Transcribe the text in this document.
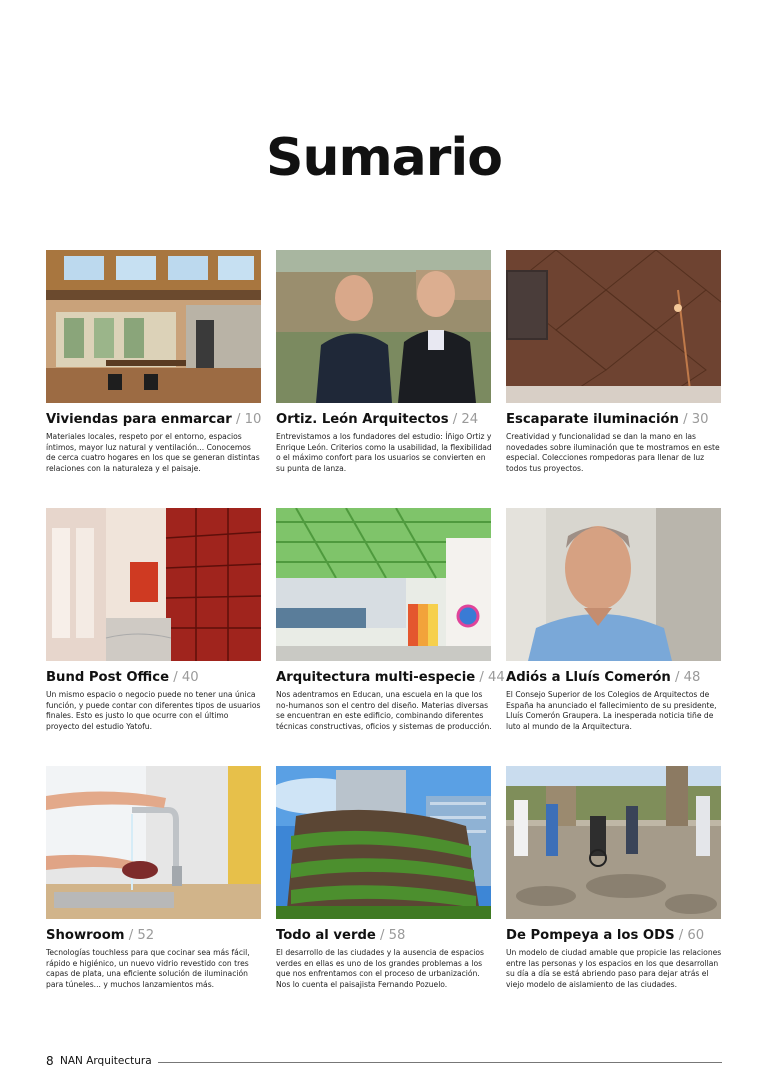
Sumario
Viviendas para enmarcar / 10
Materiales locales, respeto por el entorno, espacios íntimos, mayor luz natural y ventilación... Conocemos de cerca cuatro hogares en los que se generan distintas relaciones con la naturaleza y el paisaje.
Ortiz. León Arquitectos / 24
Entrevistamos a los fundadores del estudio: Íñigo Ortiz y Enrique León. Criterios como la usabilidad, la flexibilidad o el máximo confort para los usuarios se convierten en su punta de lanza.
Escaparate iluminación / 30
Creatividad y funcionalidad se dan la mano en las novedades sobre iluminación que te mostramos en este especial. Colecciones rompedoras para llenar de luz todos tus proyectos.
Bund Post Office / 40
Un mismo espacio o negocio puede no tener una única función, y puede contar con diferentes tipos de usuarios finales. Esto es justo lo que ocurre con el último proyecto del estudio Yatofu.
Arquitectura multi-especie / 44
Nos adentramos en Educan, una escuela en la que los no-humanos son el centro del diseño. Materias diversas se encuentran en este edificio, combinando diferentes técnicas constructivas, oficios y sistemas de producción.
Adiós a Lluís Comerón / 48
El Consejo Superior de los Colegios de Arquitectos de España ha anunciado el fallecimiento de su presidente, Lluís Comerón Graupera. La inesperada noticia tiñe de luto al mundo de la Arquitectura.
Showroom / 52
Tecnologías touchless para que cocinar sea más fácil, rápido e higiénico, un nuevo vidrio revestido con tres capas de plata, una eficiente solución de iluminación para túneles... y muchos lanzamientos más.
Todo al verde / 58
El desarrollo de las ciudades y la ausencia de espacios verdes en ellas es uno de los grandes problemas a los que nos enfrentamos con el proceso de urbanización. Nos lo cuenta el paisajista Fernando Pozuelo.
De Pompeya a los ODS / 60
Un modelo de ciudad amable que propicie las relaciones entre las personas y los espacios en los que desarrollan su día a día se está abriendo paso para dejar atrás el viejo modelo de aislamiento de las ciudades.
8 NAN Arquitectura
